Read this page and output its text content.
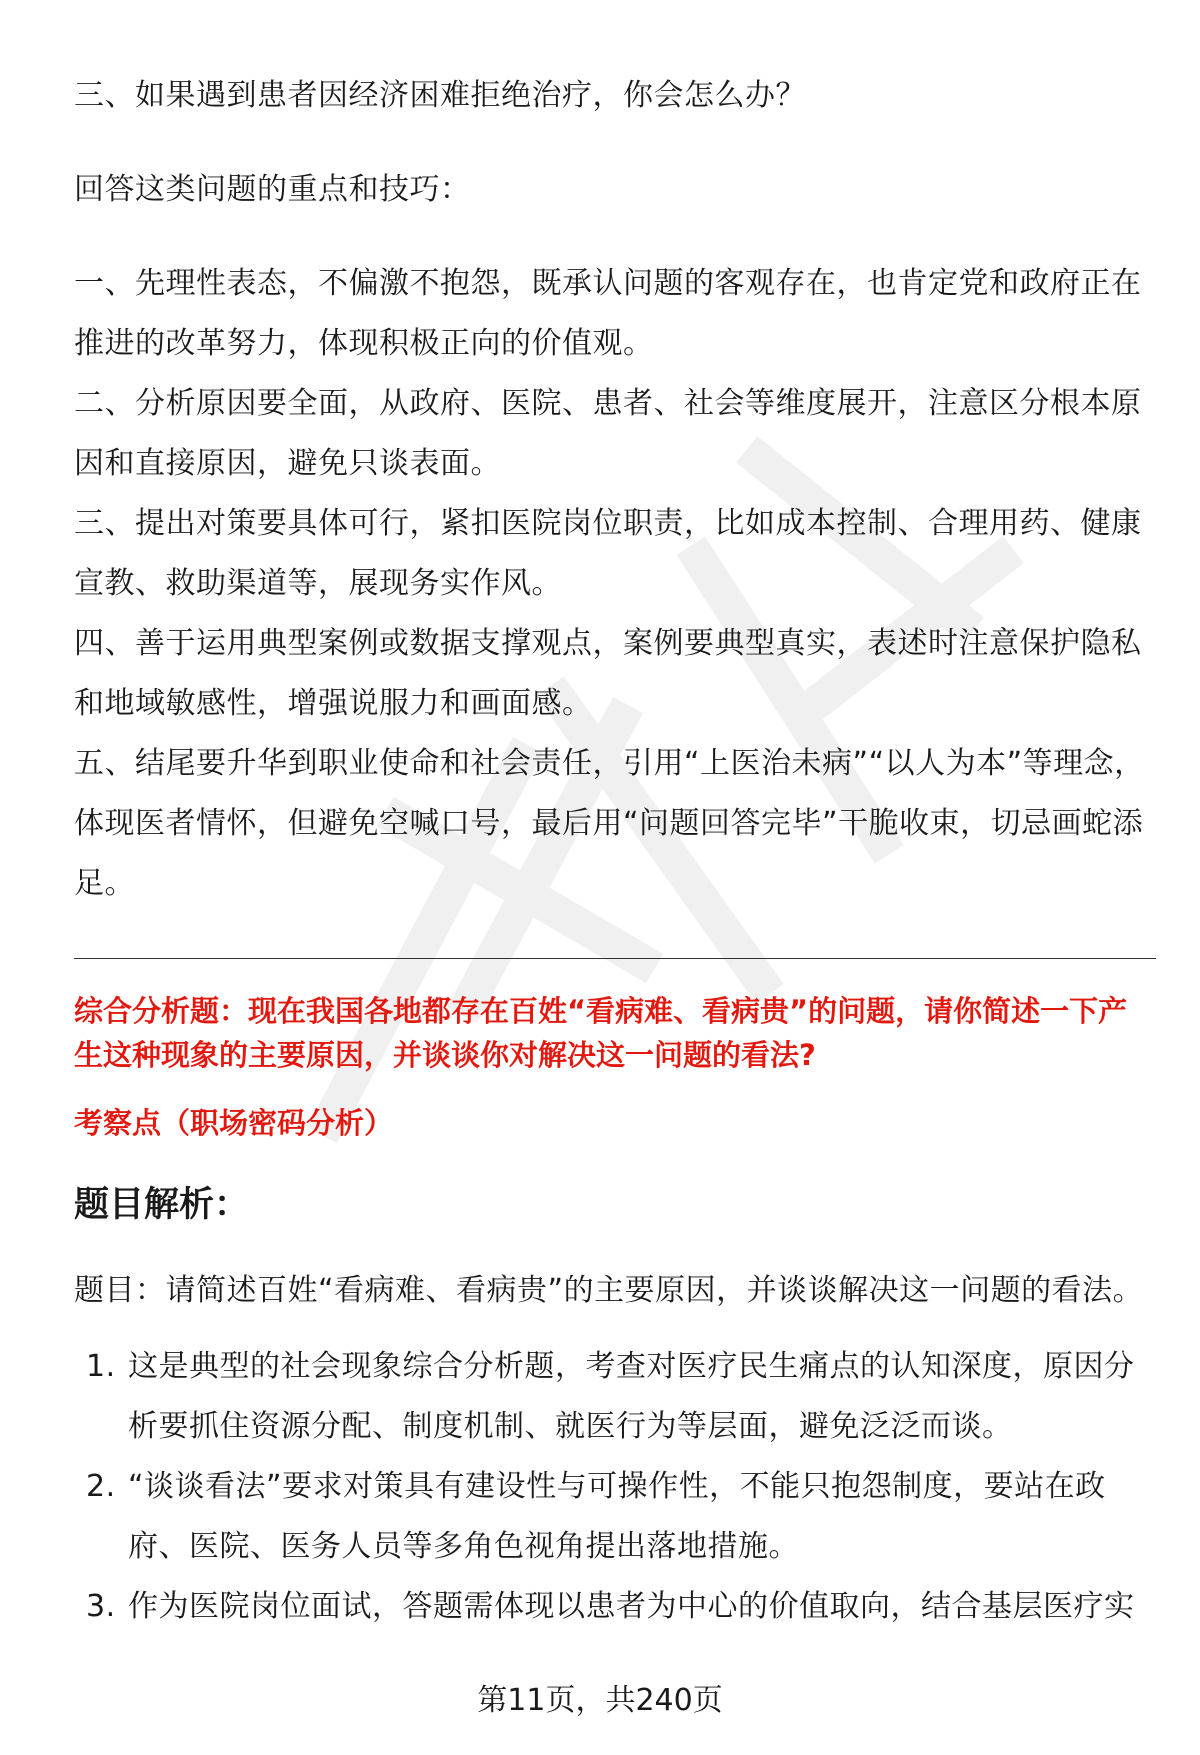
三、如果遇到患者因经济困难拒绝治疗，你会怎么办？

回答这类问题的重点和技巧：

一、先理性表态，不偏激不抱怨，既承认问题的客观存在，也肯定党和政府正在推进的改革努力，体现积极正向的价值观。

二、分析原因要全面，从政府、医院、患者、社会等维度展开，注意区分根本原因和直接原因，避免只谈表面。

三、提出对策要具体可行，紧扣医院岗位职责，比如成本控制、合理用药、健康宣教、救助渠道等，展现务实作风。

四、善于运用典型案例或数据支撑观点，案例要典型真实，表述时注意保护隐私和地域敏感性，增强说服力和画面感。

五、结尾要升华到职业使命和社会责任，引用“上医治未病”“以人为本”等理念，体现医者情怀，但避免空喊口号，最后用“问题回答完毕”干脆收束，切忌画蛇添足。

综合分析题：现在我国各地都存在百姓“看病难、看病贵”的问题，请你简述一下产生这种现象的主要原因，并谈谈你对解决这一问题的看法?

考察点（职场密码分析）

题目解析：

题目：请简述百姓“看病难、看病贵”的主要原因，并谈谈解决这一问题的看法。

1. 这是典型的社会现象综合分析题，考查对医疗民生痛点的认知深度，原因分析要抓住资源分配、制度机制、就医行为等层面，避免泛泛而谈。
2. “谈谈看法”要求对策具有建设性与可操作性，不能只抱怨制度，要站在政府、医院、医务人员等多角色视角提出落地措施。
3. 作为医院岗位面试，答题需体现以患者为中心的价值取向，结合基层医疗实
第11页，共240页
